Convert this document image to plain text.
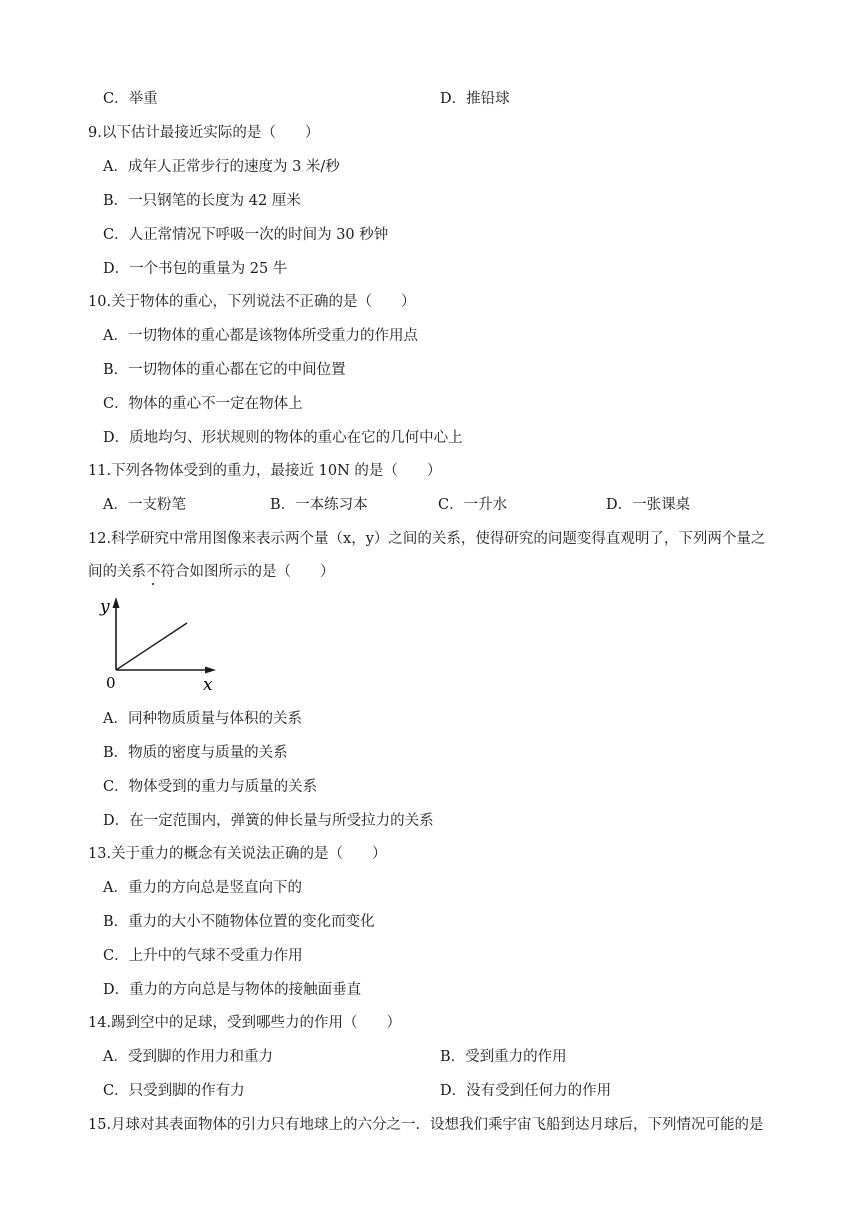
C．举重	D．推铅球
9.以下估计最接近实际的是（　　）
A．成年人正常步行的速度为 3 米/秒
B．一只钢笔的长度为 42 厘米
C．人正常情况下呼吸一次的时间为 30 秒钟
D．一个书包的重量为 25 牛
10.关于物体的重心，下列说法不正确的是（　　）
A．一切物体的重心都是该物体所受重力的作用点
B．一切物体的重心都在它的中间位置
C．物体的重心不一定在物体上
D．质地均匀、形状规则的物体的重心在它的几何中心上
11.下列各物体受到的重力，最接近 10N 的是（　　）
A．一支粉笔	B．一本练习本	C．一升水	D．一张课桌
12.科学研究中常用图像来表示两个量（x，y）之间的关系，使得研究的问题变得直观明了，下列两个量之
间的关系不符合如图所示的是（　　）
y
x
0
A．同种物质质量与体积的关系
B．物质的密度与质量的关系
C．物体受到的重力与质量的关系
D．在一定范围内，弹簧的伸长量与所受拉力的关系
13.关于重力的概念有关说法正确的是（　　）
A．重力的方向总是竖直向下的
B．重力的大小不随物体位置的变化而变化
C．上升中的气球不受重力作用
D．重力的方向总是与物体的接触面垂直
14.踢到空中的足球，受到哪些力的作用（　　）
A．受到脚的作用力和重力	B．受到重力的作用
C．只受到脚的作有力	D．没有受到任何力的作用
15.月球对其表面物体的引力只有地球上的六分之一．设想我们乘宇宙飞船到达月球后，下列情况可能的是
